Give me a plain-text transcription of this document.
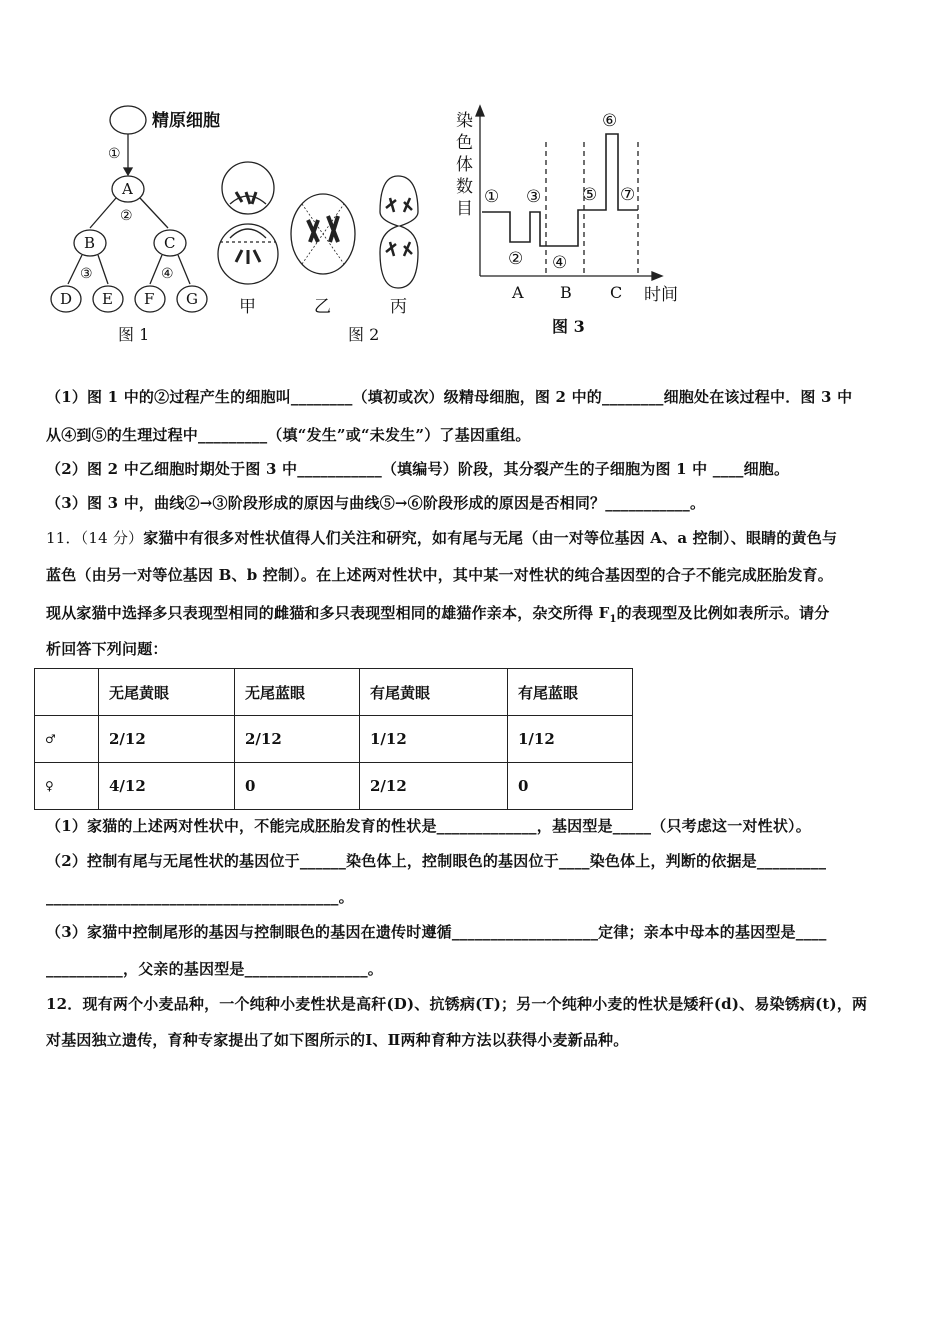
精原细胞
①
A
②
B	C
③	④
D E F G
图 1
甲	乙	丙
图 2
染
色
体
数
目
①
②
③
④
⑤
⑥
⑦
A B C 时间
图 3
（1）图 1 中的②过程产生的细胞叫________（填初或次）级精母细胞，图 2 中的________细胞处在该过程中．图 3 中
从④到⑤的生理过程中_________（填“发生”或“未发生”）了基因重组。
（2）图 2 中乙细胞时期处于图 3 中___________（填编号）阶段，其分裂产生的子细胞为图 1 中 ____细胞。
（3）图 3 中，曲线②→③阶段形成的原因与曲线⑤→⑥阶段形成的原因是否相同？___________。
11．（14 分）家猫中有很多对性状值得人们关注和研究，如有尾与无尾（由一对等位基因 A、a 控制）、眼睛的黄色与
蓝色（由另一对等位基因 B、b 控制）。在上述两对性状中，其中某一对性状的纯合基因型的合子不能完成胚胎发育。
现从家猫中选择多只表现型相同的雌猫和多只表现型相同的雄猫作亲本，杂交所得 $F_1$的表现型及比例如表所示。请分
析回答下列问题：
	无尾黄眼	无尾蓝眼	有尾黄眼	有尾蓝眼
♂	2/12	2/12	1/12	1/12
♀	4/12	0	2/12	0
（1）家猫的上述两对性状中，不能完成胚胎发育的性状是_____________，基因型是_____（只考虑这一对性状）。
（2）控制有尾与无尾性状的基因位于______染色体上，控制眼色的基因位于____染色体上，判断的依据是_________
______________________________________。
（3）家猫中控制尾形的基因与控制眼色的基因在遗传时遵循___________________定律；亲本中母本的基因型是____
__________，父亲的基因型是________________。
12．现有两个小麦品种，一个纯种小麦性状是高秆(D)、抗锈病(T)；另一个纯种小麦的性状是矮秆(d)、易染锈病(t)，两
对基因独立遗传，育种专家提出了如下图所示的Ⅰ、Ⅱ两种育种方法以获得小麦新品种。
